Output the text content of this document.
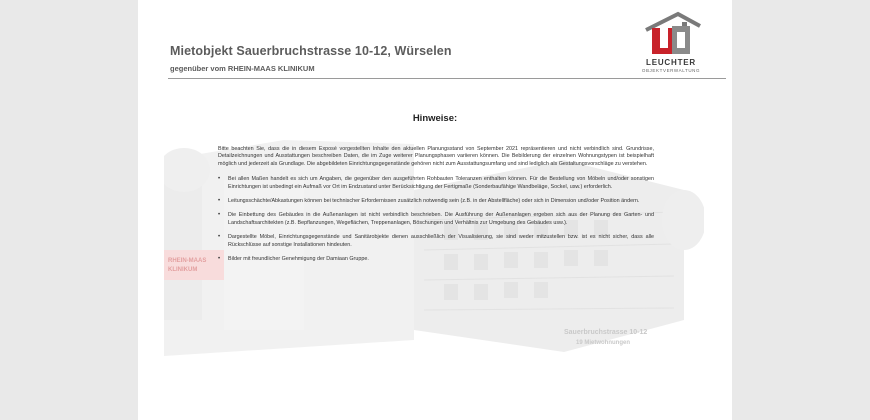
Mietobjekt Sauerbruchstrasse 10-12, Würselen
gegenüber vom RHEIN-MAAS KLINIKUM
LEUCHTER
OBJEKTVERWALTUNG
RHEIN-MAAS
KLINIKUM
Sauerbruchstrasse 10-12
19 Mietwohnungen
Hinweise:

Bitte beachten Sie, dass die in diesem Exposé vorgestellten Inhalte den aktuellen Planungsstand von September 2021 repräsentieren und nicht verbindlich sind. Grundrisse, Detailzeichnungen und Ausstattungen beschreiben Daten, die im Zuge weiterer Planungsphasen variieren können. Die Bebilderung der einzelnen Wohnungstypen ist beispielhaft möglich und jederzeit als Grundlage. Die abgebildeten Einrichtungsgegenstände gehören nicht zum Ausstattungsumfang und sind lediglich als Gestaltungsvorschläge zu verstehen.

• Bei allen Maßen handelt es sich um Angaben, die gegenüber den ausgeführten Rohbauten Toleranzen enthalten können. Für die Bestellung von Möbeln und/oder sonstigen Einrichtungen ist unbedingt ein Aufmaß vor Ort im Endzustand unter Berücksichtigung der Fertigmaße (Sonderbaufähige Wandbeläge, Sockel, usw.) erforderlich.
• Leitungsschächte/Abkastungen können bei technischer Erfordernissen zusätzlich notwendig sein (z.B. in der Abstellfläche) oder sich in Dimension und/oder Position ändern.
• Die Einbettung des Gebäudes in die Außenanlagen ist nicht verbindlich beschrieben. Die Ausführung der Außenanlagen ergeben sich aus der Planung des Garten- und Landschaftsarchitekten (z.B. Bepflanzungen, Wegeflächen, Treppenanlagen, Böschungen und Verhältnis zur Umgebung des Gebäudes usw.).
• Dargestellte Möbel, Einrichtungsgegenstände und Sanitärobjekte dienen ausschließlich der Visualisierung, sie sind weder mitzustellen bzw. ist es nicht sicher, dass alle Rückschlüsse auf sonstige Installationen hindeuten.
• Bilder mit freundlicher Genehmigung der Damiaan Gruppe.
